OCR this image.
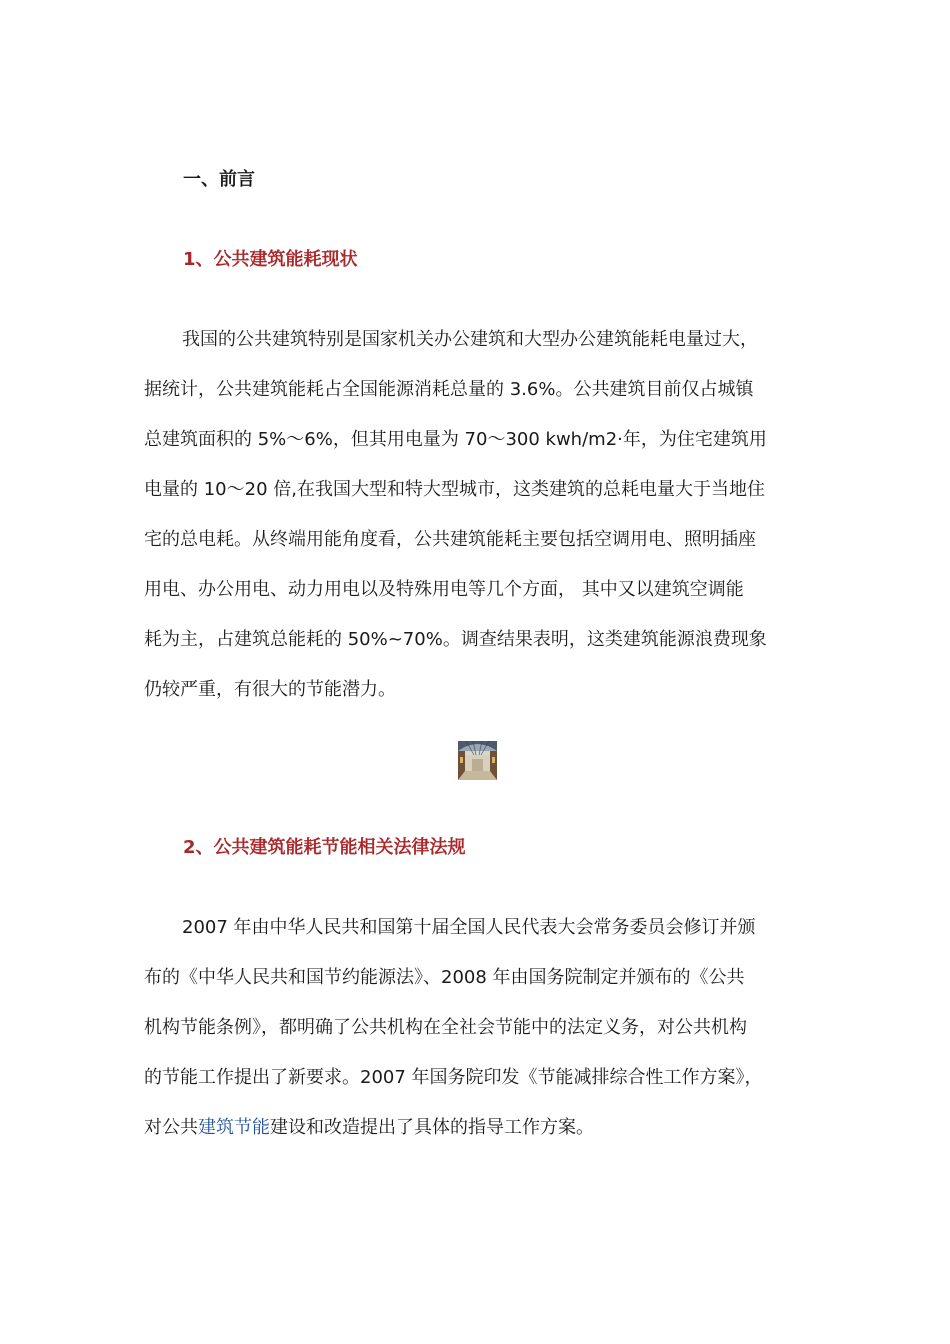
一、前言
1、公共建筑能耗现状
我国的公共建筑特别是国家机关办公建筑和大型办公建筑能耗电量过大，
据统计，公共建筑能耗占全国能源消耗总量的 3.6%。公共建筑目前仅占城镇
总建筑面积的 5%～6%，但其用电量为 70～300 kwh/m2·年，为住宅建筑用
电量的 10～20 倍,在我国大型和特大型城市，这类建筑的总耗电量大于当地住
宅的总电耗。从终端用能角度看，公共建筑能耗主要包括空调用电、照明插座
用电、办公用电、动力用电以及特殊用电等几个方面， 其中又以建筑空调能
耗为主，占建筑总能耗的 50%~70%。调查结果表明，这类建筑能源浪费现象
仍较严重，有很大的节能潜力。
2、公共建筑能耗节能相关法律法规
2007 年由中华人民共和国第十届全国人民代表大会常务委员会修订并颁
布的《中华人民共和国节约能源法》、2008 年由国务院制定并颁布的《公共
机构节能条例》，都明确了公共机构在全社会节能中的法定义务，对公共机构
的节能工作提出了新要求。2007 年国务院印发《节能减排综合性工作方案》，
对公共建筑节能建设和改造提出了具体的指导工作方案。
